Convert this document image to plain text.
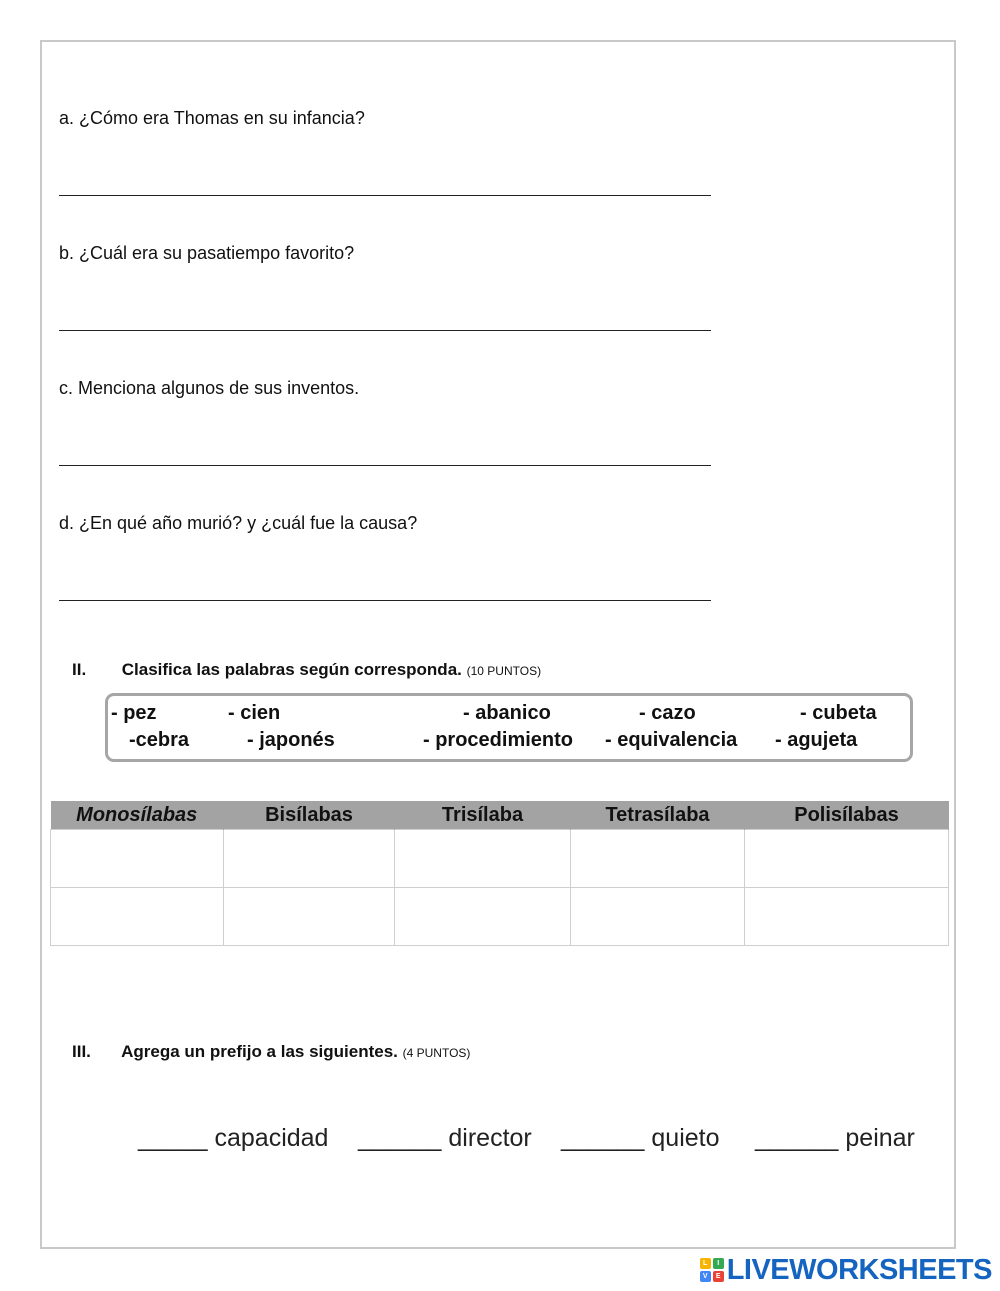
a. ¿Cómo era Thomas en su infancia?
b. ¿Cuál era su pasatiempo favorito?
c. Menciona algunos de sus inventos.
d. ¿En qué año murió? y ¿cuál fue la causa?
II. Clasifica las palabras según corresponda. (10 PUNTOS)
- pez	- cien	- abanico	- cazo	- cubeta
-cebra	- japonés	- procedimiento - equivalencia - agujeta
Monosílabas	Bisílabas	Trisílaba	Tetrasílaba	Polisílabas

III. Agrega un prefijo a las siguientes. (4 PUNTOS)
_____ capacidad ______ director ______ quieto ______ peinar
L	I
V	E LIVEWORKSHEETS
